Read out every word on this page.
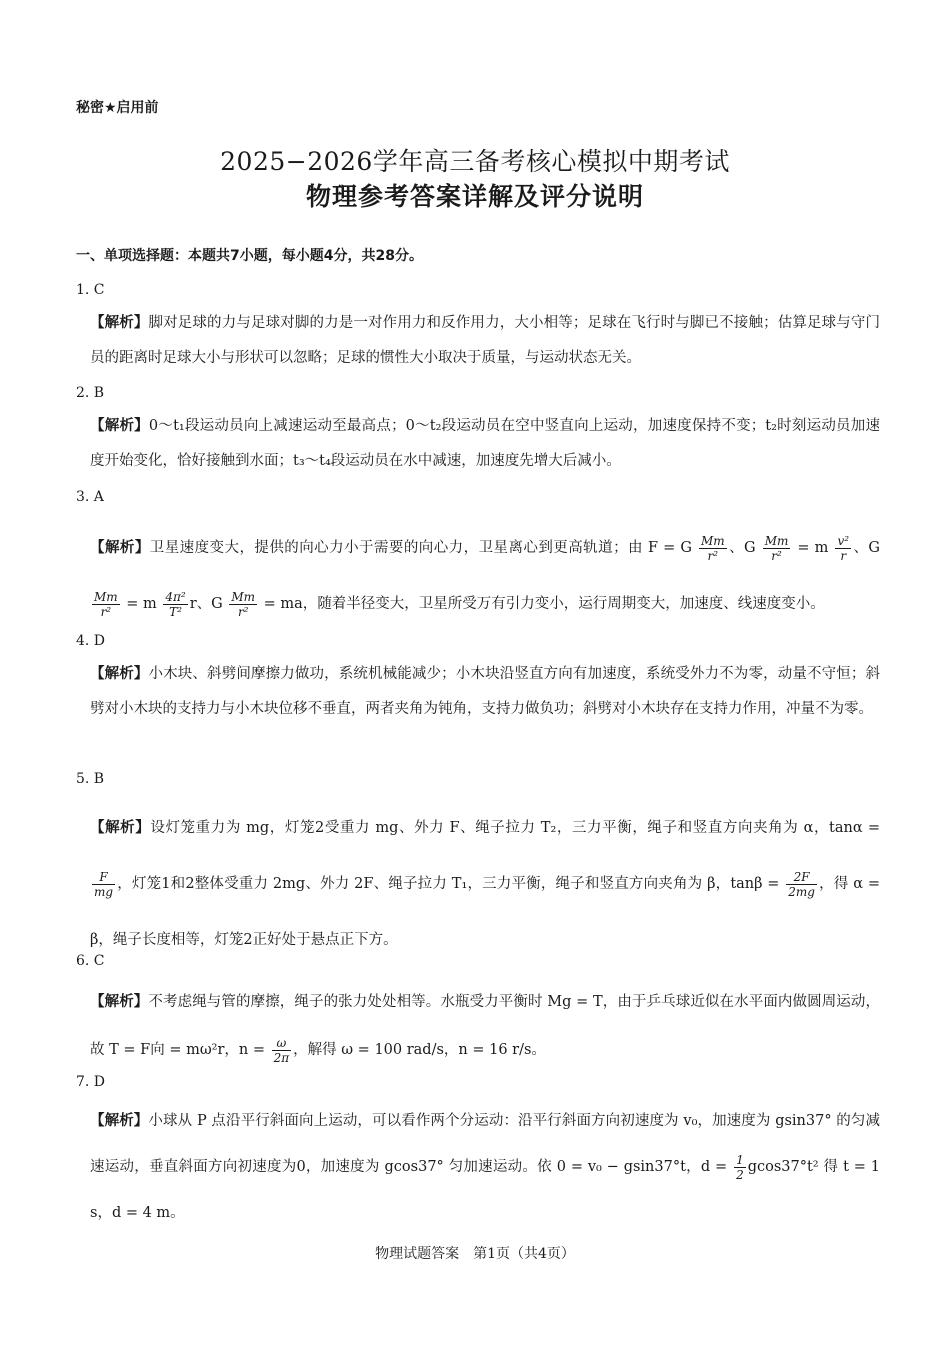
秘密★启用前
2025−2026学年高三备考核心模拟中期考试
物理参考答案详解及评分说明
一、单项选择题：本题共7小题，每小题4分，共28分。
1. C
【解析】脚对足球的力与足球对脚的力是一对作用力和反作用力，大小相等；足球在飞行时与脚已不接触；估算足球与守门员的距离时足球大小与形状可以忽略；足球的惯性大小取决于质量，与运动状态无关。
2. B
【解析】0～t₁段运动员向上减速运动至最高点；0～t₂段运动员在空中竖直向上运动，加速度保持不变；t₂时刻运动员加速度开始变化，恰好接触到水面；t₃～t₄段运动员在水中减速，加速度先增大后减小。
3. A
【解析】卫星速度变大，提供的向心力小于需要的向心力，卫星离心到更高轨道；由 F = G $\frac{Mm}{\text{r²}}$ 、G $\frac{Mm}{\text{r²}} = m \frac{\text{v²}}{r}$ 、G
$\frac{Mm}{\text{r²}} = m \frac{\text{4π²}}{\text{T²}}$ r、G $\frac{Mm}{\text{r²}}$ = ma，随着半径变大，卫星所受万有引力变小，运行周期变大，加速度、线速度变小。
4. D
【解析】小木块、斜劈间摩擦力做功，系统机械能减少；小木块沿竖直方向有加速度，系统受外力不为零，动量不守恒；斜劈对小木块的支持力与小木块位移不垂直，两者夹角为钝角，支持力做负功；斜劈对小木块存在支持力作用，冲量不为零。
5. B
【解析】设灯笼重力为 mg，灯笼2受重力 mg、外力 F、绳子拉力 T₂，三力平衡，绳子和竖直方向夹角为 α，tanα =
$\frac{F}{mg}$ ，灯笼1和2整体受重力 2mg、外力 2F、绳子拉力 T₁，三力平衡，绳子和竖直方向夹角为 β，$\tan\beta = \frac{2F}{2mg}$ ，得 α = β，绳子长度相等，灯笼2正好处于悬点正下方。
6. C
【解析】不考虑绳与管的摩擦，绳子的张力处处相等。水瓶受力平衡时 Mg = T，由于乒乓球近似在水平面内做圆周运动，故 T = F向 = mω²r，$n = \frac{\omega}{2\pi}$ ，解得 ω = 100 rad/s，n = 16 r/s。
7. D
【解析】小球从 P 点沿平行斜面向上运动，可以看作两个分运动：沿平行斜面方向初速度为 v₀，加速度为 gsin37° 的匀减速运动，垂直斜面方向初速度为0，加速度为 gcos37° 匀加速运动。依 0 = v₀ − gsin37°t，$d = \frac{1}{2} gcos37^\circ t^2$ 得 t = 1 s，d = 4 m。
物理试题答案　第1页（共4页）
